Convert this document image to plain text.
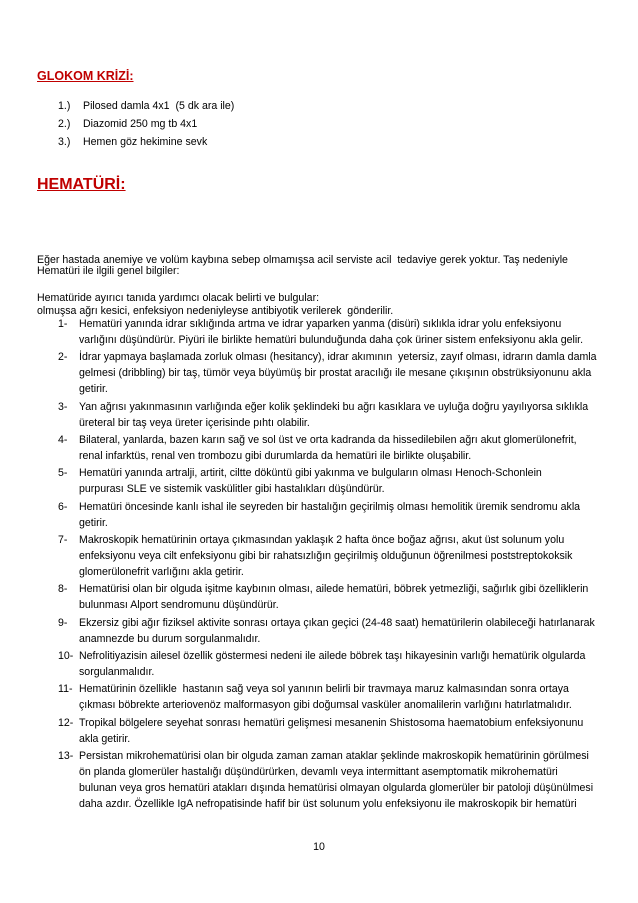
GLOKOM KRİZİ:
1.)	Pilosed damla 4x1  (5 dk ara ile)
2.)	Diazomid 250 mg tb 4x1
3.)	Hemen göz hekimine sevk
HEMATÜRİ:

Eğer hastada anemiye ve volüm kaybına sebep olmamışsa acil serviste acil  tedaviye gerek yoktur. Taş nedeniyle

olmuşsa ağrı kesici, enfeksiyon nedeniyleyse antibiyotik verilerek  gönderilir.

Hematüri ile ilgili genel bilgiler:
Hematüride ayırıcı tanıda yardımcı olacak belirti ve bulgular:
1-	Hematüri yanında idrar sıklığında artma ve idrar yaparken yanma (disüri) sıklıkla idrar yolu enfeksiyonu
varlığını düşündürür. Piyüri ile birlikte hematüri bulunduğunda daha çok üriner sistem enfeksiyonu akla gelir.
2-	İdrar yapmaya başlamada zorluk olması (hesitancy), idrar akımının  yetersiz, zayıf olması, idrarın damla damla
gelmesi (dribbling) bir taş, tümör veya büyümüş bir prostat aracılığı ile mesane çıkışının obstrüksiyonunu akla
getirir.
3-	Yan ağrısı yakınmasının varlığında eğer kolik şeklindeki bu ağrı kasıklara ve uyluğa doğru yayılıyorsa sıklıkla
üreteral bir taş veya üreter içerisinde pıhtı olabilir.
4-	Bilateral, yanlarda, bazen karın sağ ve sol üst ve orta kadranda da hissedilebilen ağrı akut glomerülonefrit,
renal infarktüs, renal ven trombozu gibi durumlarda da hematüri ile birlikte oluşabilir.
5-	Hematüri yanında artralji, artirit, ciltte döküntü gibi yakınma ve bulguların olması Henoch-Schonlein
purpurası SLE ve sistemik vaskülitler gibi hastalıkları düşündürür.
6-	Hematüri öncesinde kanlı ishal ile seyreden bir hastalığın geçirilmiş olması hemolitik üremik sendromu akla
getirir.
7-	Makroskopik hematürinin ortaya çıkmasından yaklaşık 2 hafta önce boğaz ağrısı, akut üst solunum yolu
enfeksiyonu veya cilt enfeksiyonu gibi bir rahatsızlığın geçirilmiş olduğunun öğrenilmesi poststreptokoksik
glomerülonefrit varlığını akla getirir.
8-	Hematürisi olan bir olguda işitme kaybının olması, ailede hematüri, böbrek yetmezliği, sağırlık gibi özelliklerin
bulunması Alport sendromunu düşündürür.
9-	Ekzersiz gibi ağır fiziksel aktivite sonrası ortaya çıkan geçici (24-48 saat) hematürilerin olabileceği hatırlanarak
anamnezde bu durum sorgulanmalıdır.
10- Nefrolitiyazisin ailesel özellik göstermesi nedeni ile ailede böbrek taşı hikayesinin varlığı hematürik olgularda
sorgulanmalıdır.
11- Hematürinin özellikle  hastanın sağ veya sol yanının belirli bir travmaya maruz kalmasından sonra ortaya
çıkması böbrekte arteriovenöz malformasyon gibi doğumsal vasküler anomalilerin varlığını hatırlatmalıdır.
12- Tropikal bölgelere seyehat sonrası hematüri gelişmesi mesanenin Shistosoma haematobium enfeksiyonunu
akla getirir.
13- Persistan mikrohematürisi olan bir olguda zaman zaman ataklar şeklinde makroskopik hematürinin görülmesi
ön planda glomerüler hastalığı düşündürürken, devamlı veya intermittant asemptomatik mikrohematüri
bulunan veya gros hematüri atakları dışında hematürisi olmayan olgularda glomerüler bir patoloji düşünülmesi
daha azdır. Özellikle IgA nefropatisinde hafif bir üst solunum yolu enfeksiyonu ile makroskopik bir hematüri
10
